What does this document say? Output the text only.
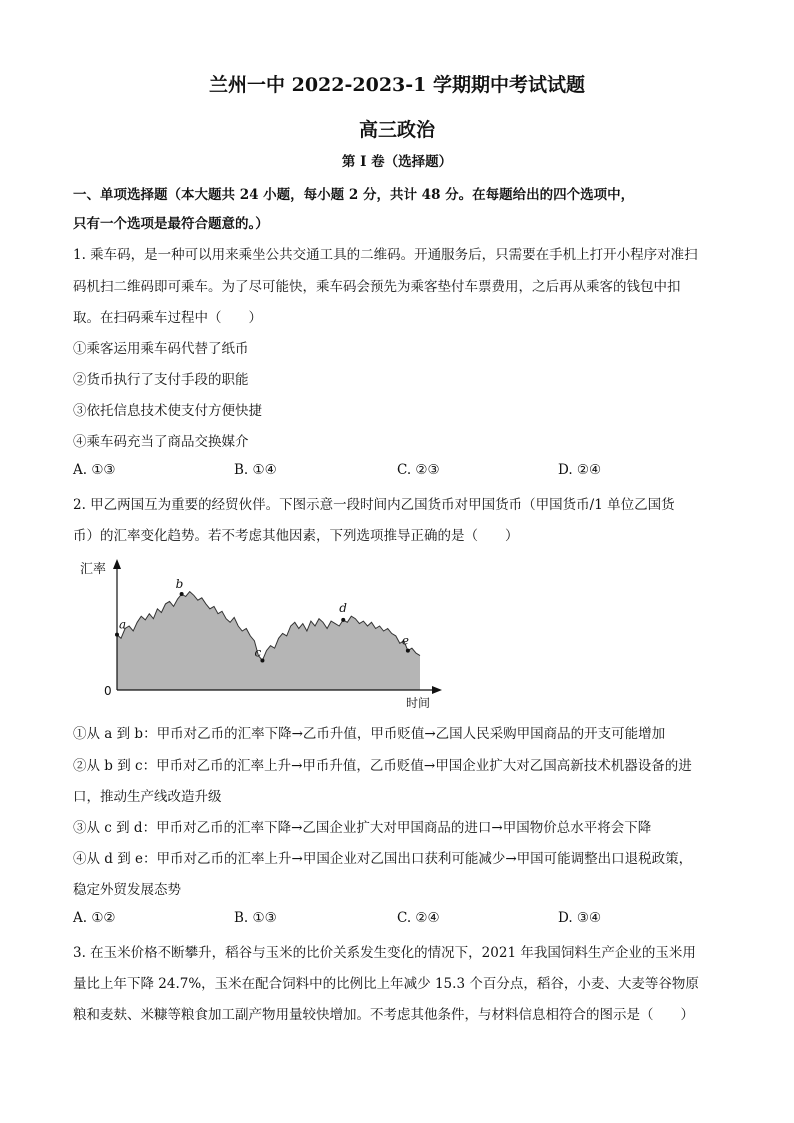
兰州一中 2022-2023-1 学期期中考试试题
高三政治
第 I 卷（选择题）
一、单项选择题（本大题共 24 小题，每小题 2 分，共计 48 分。在每题给出的四个选项中，
只有一个选项是最符合题意的。）
1. 乘车码，是一种可以用来乘坐公共交通工具的二维码。开通服务后，只需要在手机上打开小程序对准扫
码机扫二维码即可乘车。为了尽可能快，乘车码会预先为乘客垫付车票费用，之后再从乘客的钱包中扣
取。在扫码乘车过程中（　　）
①乘客运用乘车码代替了纸币
②货币执行了支付手段的职能
③依托信息技术使支付方便快捷
④乘车码充当了商品交换媒介
A. ①③	B. ①④	C. ②③	D. ②④
2. 甲乙两国互为重要的经贸伙伴。下图示意一段时间内乙国货币对甲国货币（甲国货币/1 单位乙国货
币）的汇率变化趋势。若不考虑其他因素，下列选项推导正确的是（　　）
汇率
0
时间
a
b
c
d
e
①从 a 到 b：甲币对乙币的汇率下降→乙币升值，甲币贬值→乙国人民采购甲国商品的开支可能增加
②从 b 到 c：甲币对乙币的汇率上升→甲币升值，乙币贬值→甲国企业扩大对乙国高新技术机器设备的进
口，推动生产线改造升级
③从 c 到 d：甲币对乙币的汇率下降→乙国企业扩大对甲国商品的进口→甲国物价总水平将会下降
④从 d 到 e：甲币对乙币的汇率上升→甲国企业对乙国出口获利可能减少→甲国可能调整出口退税政策，
稳定外贸发展态势
A. ①②	B. ①③	C. ②④	D. ③④
3. 在玉米价格不断攀升，稻谷与玉米的比价关系发生变化的情况下，2021 年我国饲料生产企业的玉米用
量比上年下降 24.7%，玉米在配合饲料中的比例比上年减少 15.3 个百分点，稻谷，小麦、大麦等谷物原
粮和麦麸、米糠等粮食加工副产物用量较快增加。不考虑其他条件，与材料信息相符合的图示是（　　）
